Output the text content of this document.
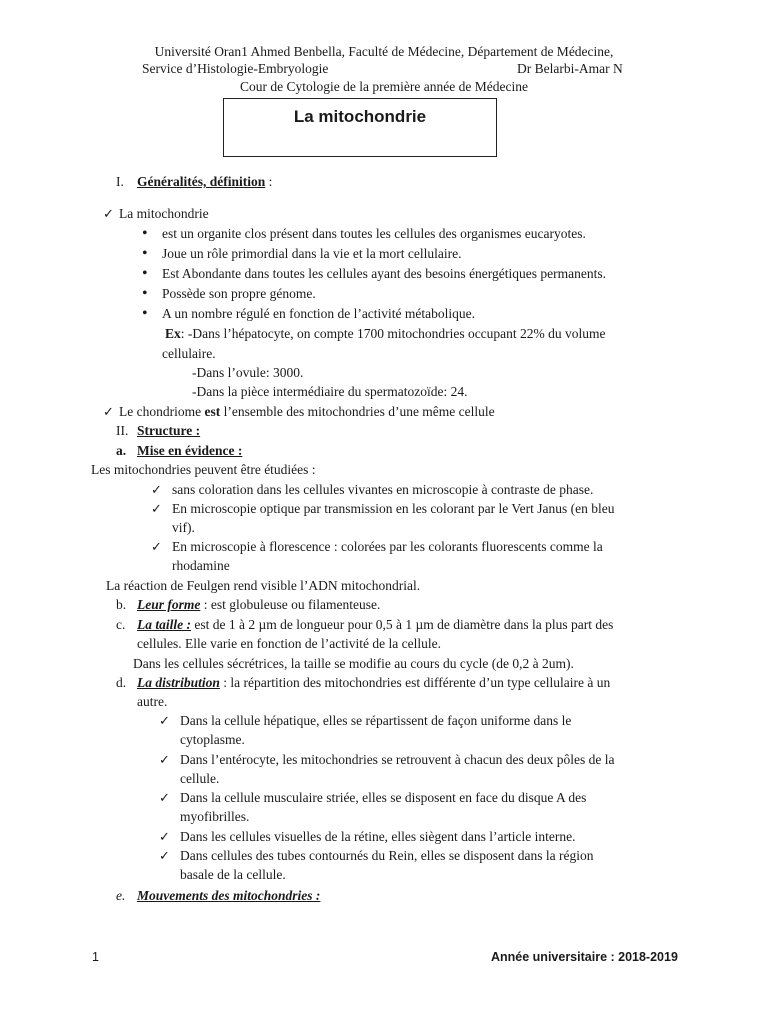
Université Oran1 Ahmed Benbella, Faculté de Médecine, Département de Médecine,
Service d’Histologie-Embryologie	Dr Belarbi-Amar N
Cour de Cytologie de la première année de Médecine
La mitochondrie
I. Généralités, définition :
✓ La mitochondrie
• est un organite clos présent dans toutes les cellules des organismes eucaryotes.
• Joue un rôle primordial dans la vie et la mort cellulaire.
• Est Abondante dans toutes les cellules ayant des besoins énergétiques permanents.
• Possède son propre génome.
• A un nombre régulé en fonction de l’activité métabolique.
Ex: -Dans l’hépatocyte, on compte 1700 mitochondries occupant 22% du volume
cellulaire.
-Dans l’ovule: 3000.
-Dans la pièce intermédiaire du spermatozoïde: 24.
✓ Le chondriome est l’ensemble des mitochondries d’une même cellule
II. Structure :
a. Mise en évidence :
Les mitochondries peuvent être étudiées :
✓ sans coloration dans les cellules vivantes en microscopie à contraste de phase.
✓ En microscopie optique par transmission en les colorant par le Vert Janus (en bleu
vif).
✓ En microscopie à florescence : colorées par les colorants fluorescents comme la
rhodamine
La réaction de Feulgen rend visible l’ADN mitochondrial.
b. Leur forme : est globuleuse ou filamenteuse.
c. La taille : est de 1 à 2 µm de longueur pour 0,5 à 1 µm de diamètre dans la plus part des
cellules. Elle varie en fonction de l’activité de la cellule.
Dans les cellules sécrétrices, la taille se modifie au cours du cycle (de 0,2 à 2um).
d. La distribution : la répartition des mitochondries est différente d’un type cellulaire à un
autre.
✓ Dans la cellule hépatique, elles se répartissent de façon uniforme dans le
cytoplasme.
✓ Dans l’entérocyte, les mitochondries se retrouvent à chacun des deux pôles de la
cellule.
✓ Dans la cellule musculaire striée, elles se disposent en face du disque A des
myofibrilles.
✓ Dans les cellules visuelles de la rétine, elles siègent dans l’article interne.
✓ Dans cellules des tubes contournés du Rein, elles se disposent dans la région
basale de la cellule.
e. Mouvements des mitochondries :
1	Année universitaire : 2018-2019
